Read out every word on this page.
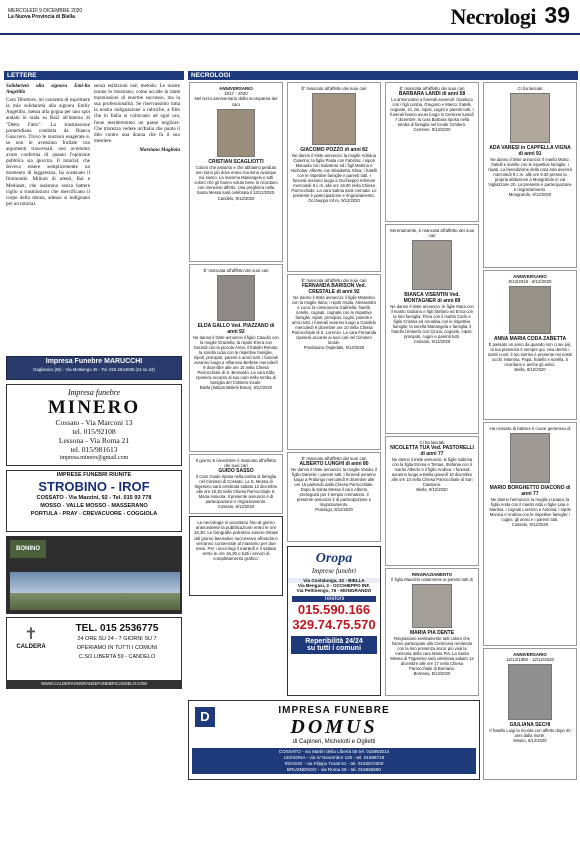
MERCOLEDÌ 9 DICEMBRE 2020
La Nuova Provincia di Biella	Necrologi 39
LETTERE
Solidarietà alla signora Emi-lia Angelillo
Caro Direttore, mi consenta di esprimere la mia solidarietà alla signora Emily Angelillo, messa alla gogna per uno spot andato in onda su Rai2 all'interno di "Detto Fatto". La trasmissione pomeridiana condotta da Bianca Guaccero. Trovo le reazioni esagerate e, se non le avessimo frullate con argomenti trasversali, non avremmo avuto conferma di quanto l'opinione pubblica sia ipocrita. Il tutorial, che doveva essere semplicemente un momento di leggerezza, ha scatenato il finimondo. Milioni di utenti, Rai e Mediaset, che assistono senza battere ciglio a trasmissioni che mercificano il corpo della donna, adesso si indignano per un tutorial.
senza esibizioni osé, metodo. Le nostre nonne lo mostrano, come accade in tante trasmissioni di enorme successo, ma la sua professionalità. Se riservassimo tutta la nostra indignazione a rubriche, a film che in Italia si collocano ad ogni ora, forse meriteremmo un paese migliore. Che tristezza vedere un'Italia che punta il dito contro una donna che fa il suo mestiere.
Marziano Magliola
Impresa Funebre MARUCCHI
Gaglianico (BI) - Via Mottiengo 45 - Tel. 015 2544036 (24 su 24)
Impresa funebre
MINERO
Cossato - Via Marconi 13
tel. 015/92108
Lessona - Via Roma 21
tel. 015/981613
impresa.minero@gmail.com
IMPRESE FUNEBRI RIUNITE
STROBINO - IROF
COSSATO - Via Mazzini, 92 - Tel. 015 93 778
MOSSO - VALLE MOSSO - MASSERANO
PORTULA - PRAY - CREVACUORE - COGGIOLA
BONINO
✝
CALDERA
TEL. 015 2536775
24 ORE SU 24 - 7 GIORNI SU 7
OPERIAMO IN TUTTI I COMUNI
C.SO LIBERTA 59 - CANDELO
WWW.CALDERAONORANZEFUNEBRICANDELO.COM
NECROLOGI
ANNIVERSARIO
2017 - 2020
Nel terzo anniversario della scomparsa del caro
CRISTIAN SCAGLIOTTI
Coloro che amiamo e che abbiamo perduto non sono più dove erano ma sono ovunque noi siamo. La mamma Mariangela e tutti coloro che gli hanno voluto bene lo ricordano con immenso affetto. Una preghiera nella Santa Messa sarà celebrata il 13/12/2020.
Candelo, 9/12/2020
È' mancata all'affetto dei suoi cari
ELDA GALLO Ved. PIAZZANO di anni 92
Ne danno il triste annuncio il figlio Claudio con la moglie Graziella; la nipote Erera con Gerardi con la piccola Anna; il fratello Renato, la sorella Lidia con le rispettive famiglie, nipoti, pronipoti, parenti e amici tutti. I funerali avranno luogo a Villanova Biellese mercoledì 9 dicembre alle ore 15 nella Chiesa Parrocchiale di S. Bernardo. La cara Elda riposerà accanto al suo caro nella tomba di famiglia del Cimitero locale.
Biella (Istituto Belletti Bona), 9/12/2020
Il giorno 5 novembre è mancato all'affetto dei suoi cari
GUIDO SASSO
Il Caro Guido riposa nella tomba di famiglia nel Cimitero di Cossato. La S. Messa di trigesimo sarà celebrata sabato 12 dicembre alle ore 18,30 nella Chiesa Parrocchiale S. Maria Assunta. Il presente annuncio è di partecipazione e ringraziamento.
Cossato, 9/12/2020
Le necrologie si accettano fino al giorno antecedente la pubblicazione entro le ore 16,30. Le fotografie potranno essere ritirate dal giorno lavorativo successivo all'uscita e verranno conservate al massimo per due mesi. Per i necrologi il martedì e il sabato entro le ore 16,30 e tutti i servizi di completamento grafico.
È' mancato all'affetto dei suoi cari
GIACOMO POZZO di anni 82
Ne danno il triste annuncio: la moglie Adriana Caterino; la figlia Paola con Fabrizio; i nipoti Manuela con Salvatore ed i figli Martina e Nicholas; Alberto con Elisabetta, Elisa; i fratelli con le rispettive famiglie e parenti tutti. I funerali avranno luogo a Occhieppo Inferiore mercoledì 9 c.m. alle ore 16.00 nella Chiesa Parrocchiale. La cara Salma sarà cremata. Le presente è partecipazione e ringraziamento.
Occhieppo Inf.re, 9/12/2020
È' mancata all'affetto dei suoi cari
FERNANDA BARISON Ved. CRESTALE di anni 92
Ne danno il triste annuncio: il figlio Massimo con la moglie Ilaria; i nipoti Giulia, Alessandro e Luca; la consuocera Gabriella; fratelli, sorelle, cognati, cognate con le rispettive famiglie, nipoti, pronipoti, cugini, parenti e amici tutti. I funerali avranno luogo a Candelo mercoledì 9 dicembre ore 10 nella Chiesa Parrocchiale di S. Lorenzo. La cara Fernanda riposerà accanto ai suoi cari nel Cimitero locale.
Pondarano Ospedale, 9/12/2020
È' mancato all'affetto dei suoi cari
ALBERTO LUNGHI di anni 80
Ne danno il triste annuncio: la moglie Vanda; il figlio Daniele; i parenti tutti. I funerali avranno luogo a Pralungo mercoledì 9 dicembre alle ore 15 partendo dalla Chiesa Parrocchiale. Dopo la Santa Messa il caro Alberto proseguirà per il tempio crematorio. Il presente annuncio è di partecipazione e ringraziamento.
Pralungo, 9/12/2020
Oropa
Imprese funebri
Via Costalunga, 32 - BIELLA
Via Bengasi, 2 - OCCHIEPPO INF.
Via Pettinengo, 76 - MONGRANDO
Telefoni
015.590.166
329.74.75.570
Reperibilità 24/24
su tutti i comuni
È' mancata all'affetto dei suoi cari
BARBARA LANDI di anni 58
Lo annunciano a funerali avvenuti: Gianluca con i figli Letizia, Gregorio e Marco; fratelli, cognate, zii, zie, nipoti, cugini e parenti tutti. I funerali hanno avuto luogo in Cerrione lunedì 7 dicembre, la cara Barbara riposa nella tomba di famiglia nel locale Cimitero.
Cerrione, 9/12/2020
Serenamente, è mancata all'affetto dei suoi cari
BIANCA VISENTIN Ved. MONTAGNER di anni 89
Ne danno il triste annuncio: le figlie Mara con il marito Giuliano e figli Stefano ed Erica con la loro famiglia; Flora con il marito Carlo e figlie Cristina ed Annalisa con le rispettive famiglie; la sorella Mariangela e famiglia; il fratello Umberto con Cinzia; cognate, nipoti, pronipoti, cugini e parenti tutti.
Cossato, 9/12/2020
Ci ha lasciati
NICOLETTA TUA Ved. PASTORELLI di anni 77
Ne danno il triste annuncio: le figlie Sabrina con la figlia Emma e Tomas, Stefania con il marito Alberto e il figlio Andrea. I funerali avranno luogo a Biella giovedì 10 dicembre alle ore 10 nella Chiesa Parrocchiale di San Cassiano.
Biella, 9/12/2020
RINGRAZIAMENTO
Il figlio Maurizio unitamente ai parenti tutti di
MARIA PIA DENTE
Ringraziano sentitamente tutti coloro che hanno partecipato alla Cerimonia rendendo con la loro presenza ancor più viva la memoria della cara Maria Pia. La Santa Messa di Trigesimo sarà celebrata sabato 12 dicembre alle ore 17 nella Chiesa Parrocchiale di Borriana.
Borriana, 9/12/2020
D	IMPRESA FUNEBRE
DOMUS
di Capineri, Michelotti e Oglietti
COSSATO - via Martiri della Libertà 58 tel. 015983014
LESSONA - via IV Novembre 125 - tel. 01596718
ROASIO - via Filippo Turati 51 - tel. 0163874000
BRUSNENGO - via Roma 26 - tel. 015965660
Ci ha lasciati
ADA VARESI in CAPPELLA VIGNA di anni 91
Ne danno il triste annuncio: il marito Mario; fratelli e sorelle con le rispettive famiglie; i nipoti. La benedizione della cara Ada avverrà mercoledì 9 c.m. alle ore 9.30 presso la propria abitazione a Mongrando in via Vigliazzone 20. La presente è partecipazione e ringraziamento.
Mongrando, 9/12/2020
ANNIVERSARIO
8/12/2019 - 8/12/2020
ANNA MARIA CODA ZABETTA
È passato un anno da quando non ci sei più, la tua presenza è sempre qui, viva dentro i nostri cuori; il tuo sorriso è presente nei nostri occhi. Mamma, Papà, fratello e sorella, ti ricordano e anche gli amici.
Biella, 9/12/2020
Ha cessato di battere il cuore generoso di
MARIO BORGHETTO DIACONO di anni 77
Ne danno l'annuncio: la moglie Luciana; la figlia Anita con il marito Aldo e figlie Lisa e Martina; i cognati Lorenzo e Antonia; i nipoti Monica e Andrea con le rispettive famiglie; i cugini, gli amici e i parenti tutti.
Cossato, 9/12/2020
ANNIVERSARIO
12/12/1980 - 12/12/2020
GIULIANA SECHI
Il fratello Luigi la ricorda con affetto dopo 40 anni dalla morte.
Mosso, 9/12/2020
